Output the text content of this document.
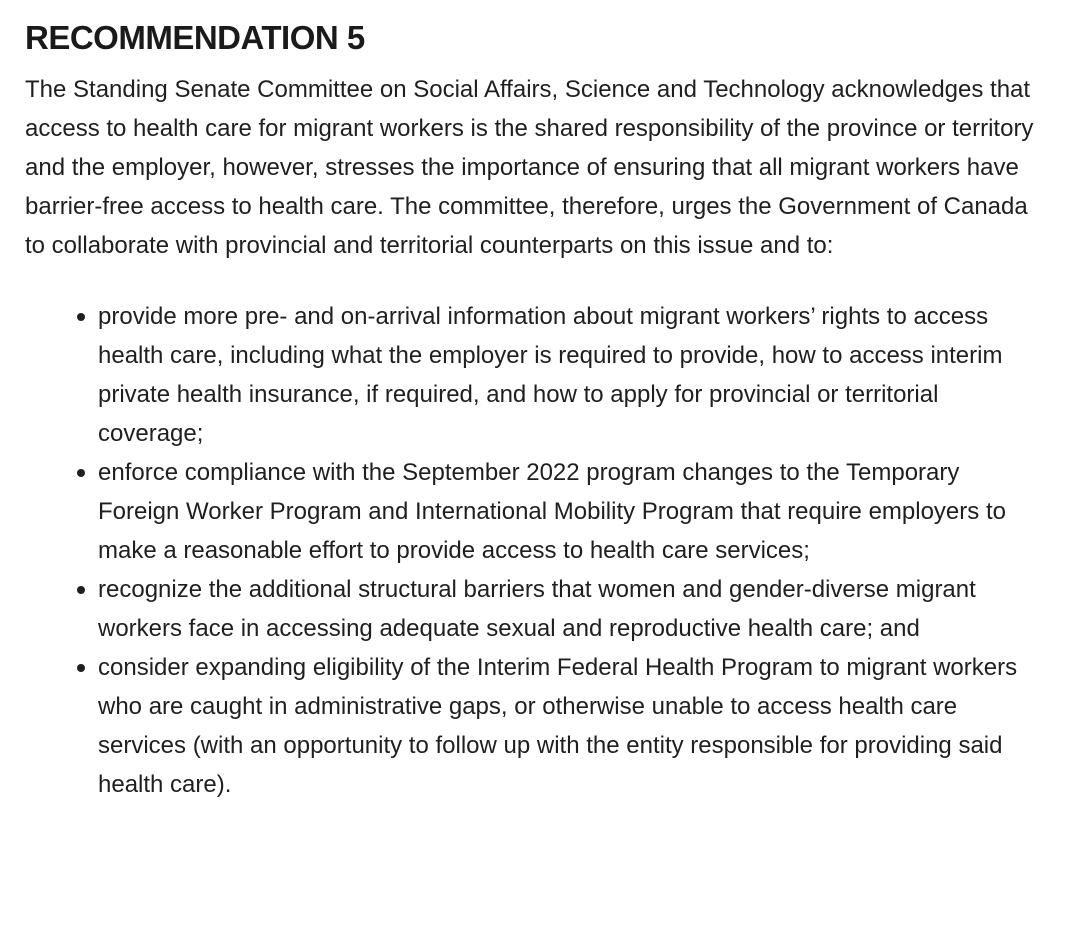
RECOMMENDATION 5

The Standing Senate Committee on Social Affairs, Science and Technology acknowledges that access to health care for migrant workers is the shared responsibility of the province or territory and the employer, however, stresses the importance of ensuring that all migrant workers have barrier-free access to health care. The committee, therefore, urges the Government of Canada to collaborate with provincial and territorial counterparts on this issue and to:

provide more pre- and on-arrival information about migrant workers’ rights to access health care, including what the employer is required to provide, how to access interim private health insurance, if required, and how to apply for provincial or territorial coverage;
enforce compliance with the September 2022 program changes to the Temporary Foreign Worker Program and International Mobility Program that require employers to make a reasonable effort to provide access to health care services;
recognize the additional structural barriers that women and gender-diverse migrant workers face in accessing adequate sexual and reproductive health care; and
consider expanding eligibility of the Interim Federal Health Program to migrant workers who are caught in administrative gaps, or otherwise unable to access health care services (with an opportunity to follow up with the entity responsible for providing said health care).
